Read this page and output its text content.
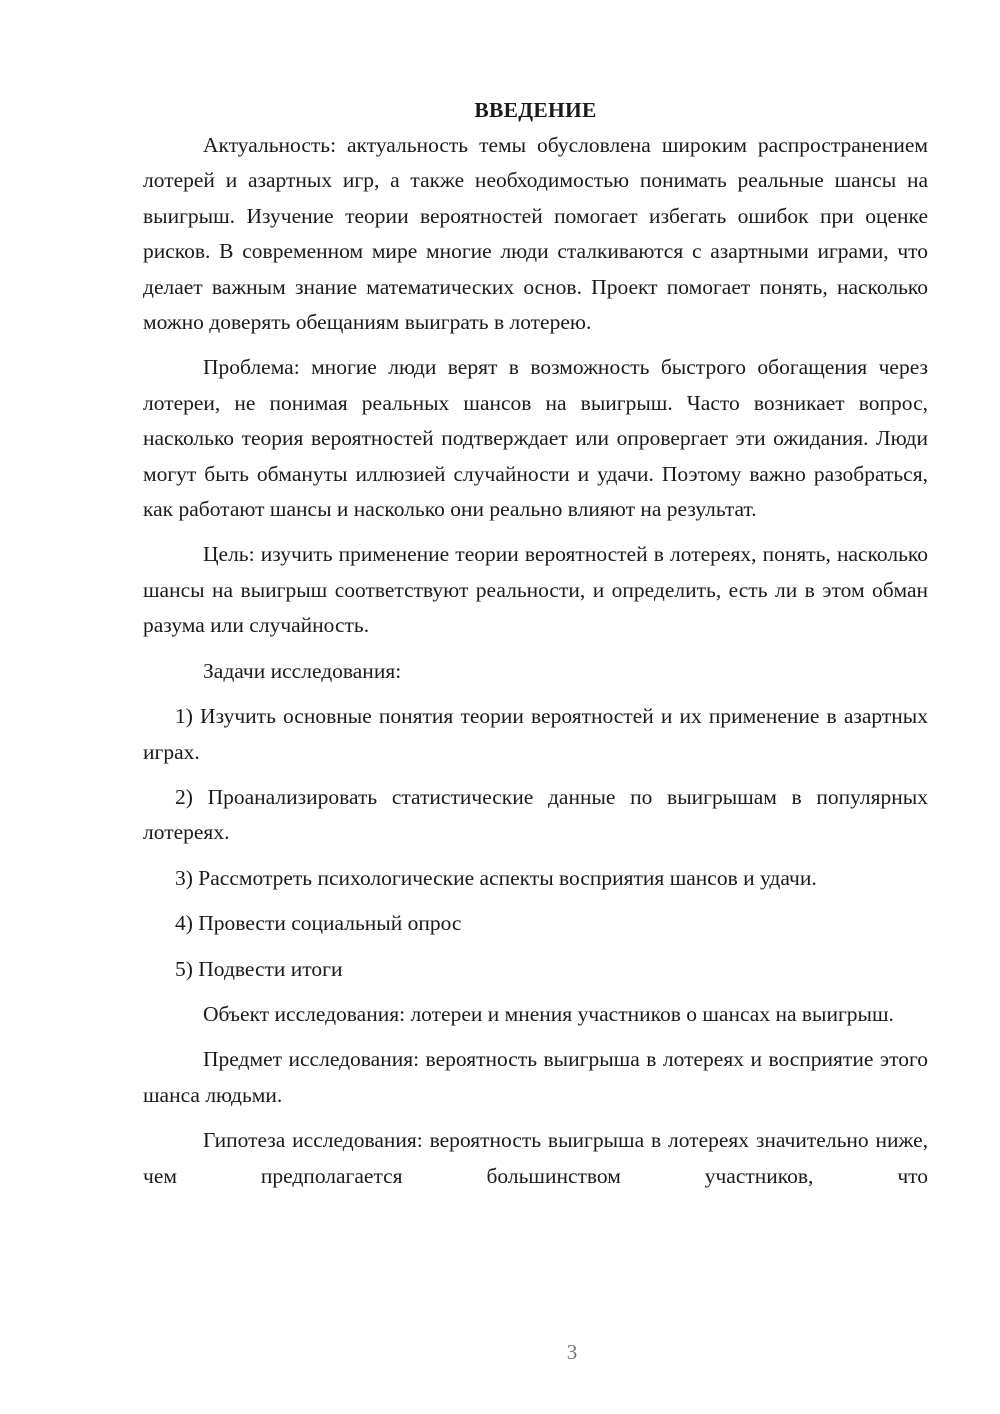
ВВЕДЕНИЕ

Актуальность: актуальность темы обусловлена широким распространением лотерей и азартных игр, а также необходимостью понимать реальные шансы на выигрыш. Изучение теории вероятностей помогает избегать ошибок при оценке рисков. В современном мире многие люди сталкиваются с азартными играми, что делает важным знание математических основ. Проект помогает понять, насколько можно доверять обещаниям выиграть в лотерею.

Проблема: многие люди верят в возможность быстрого обогащения через лотереи, не понимая реальных шансов на выигрыш. Часто возникает вопрос, насколько теория вероятностей подтверждает или опровергает эти ожидания. Люди могут быть обмануты иллюзией случайности и удачи. Поэтому важно разобраться, как работают шансы и насколько они реально влияют на результат.

Цель: изучить применение теории вероятностей в лотереях, понять, насколько шансы на выигрыш соответствуют реальности, и определить, есть ли в этом обман разума или случайность.

Задачи исследования:

1) Изучить основные понятия теории вероятностей и их применение в азартных играх.

2) Проанализировать статистические данные по выигрышам в популярных лотереях.

3) Рассмотреть психологические аспекты восприятия шансов и удачи.

4) Провести социальный опрос

5) Подвести итоги

Объект исследования: лотереи и мнения участников о шансах на выигрыш.

Предмет исследования: вероятность выигрыша в лотереях и восприятие этого шанса людьми.

Гипотеза исследования: вероятность выигрыша в лотереях значительно ниже, чем предполагается большинством участников, что

3
